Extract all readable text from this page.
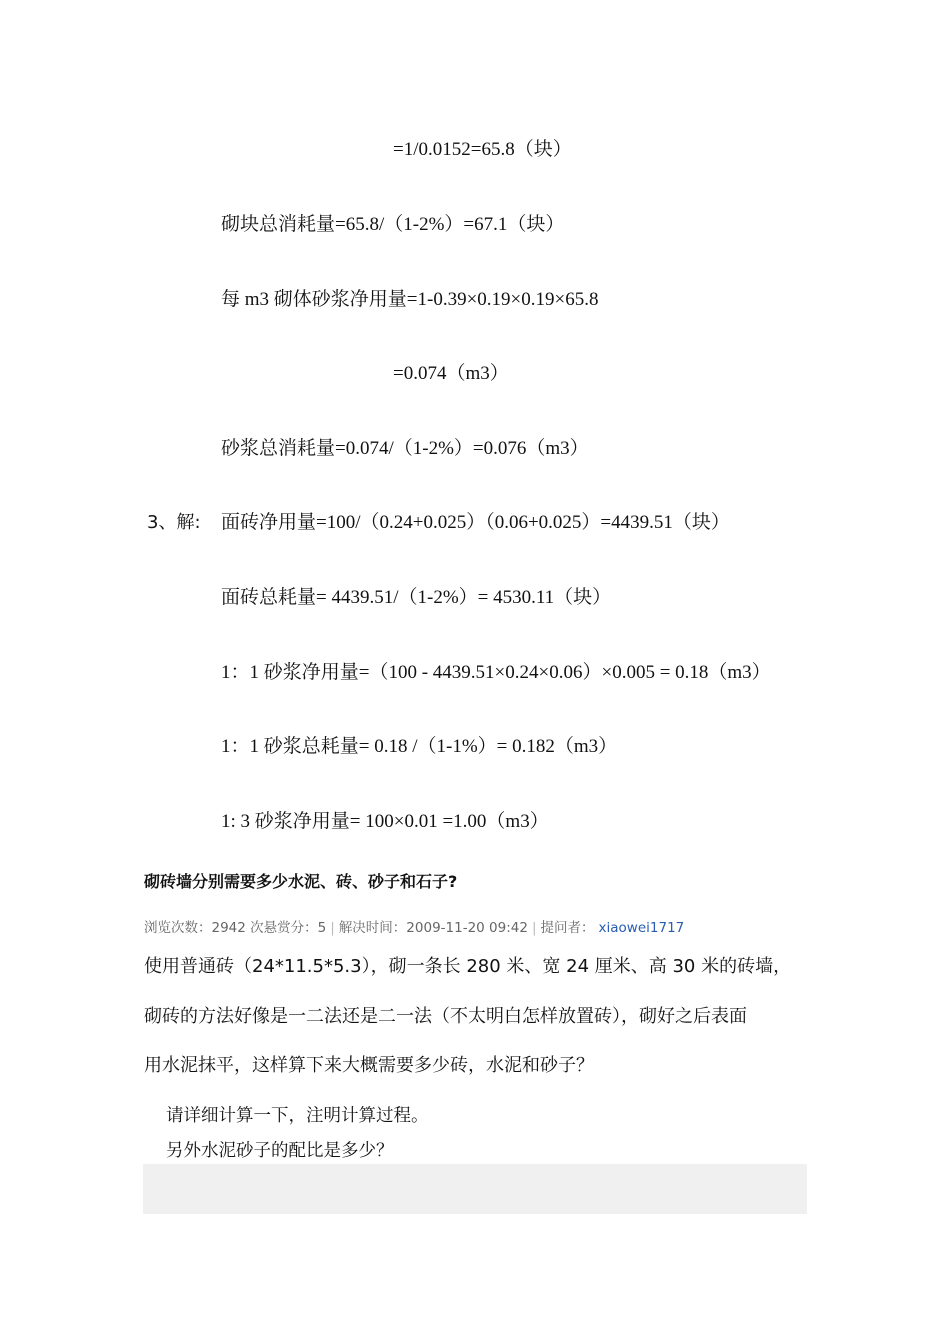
=1/0.0152=65.8（块）
砌块总消耗量=65.8/（1-2%）=67.1（块）
每 m3 砌体砂浆净用量=1-0.39×0.19×0.19×65.8
=0.074（m3）
砂浆总消耗量=0.074/（1-2%）=0.076（m3）
3、解: 面砖净用量=100/（0.24+0.025）（0.06+0.025）=4439.51（块）
面砖总耗量= 4439.51/（1-2%）= 4530.11（块）
1：1 砂浆净用量=（100 - 4439.51×0.24×0.06）×0.005 = 0.18（m3）
1：1 砂浆总耗量= 0.18 /（1-1%）= 0.182（m3）
1: 3 砂浆净用量= 100×0.01 =1.00（m3）
砌砖墙分别需要多少水泥、砖、砂子和石子?
浏览次数：2942 次悬赏分：5 | 解决时间：2009-11-20 09:42 | 提问者： xiaowei1717
使用普通砖（24*11.5*5.3），砌一条长 280 米、宽 24 厘米、高 30 米的砖墙，
砌砖的方法好像是一二法还是二一法（不太明白怎样放置砖），砌好之后表面
用水泥抹平，这样算下来大概需要多少砖，水泥和砂子？
请详细计算一下，注明计算过程。
另外水泥砂子的配比是多少？
